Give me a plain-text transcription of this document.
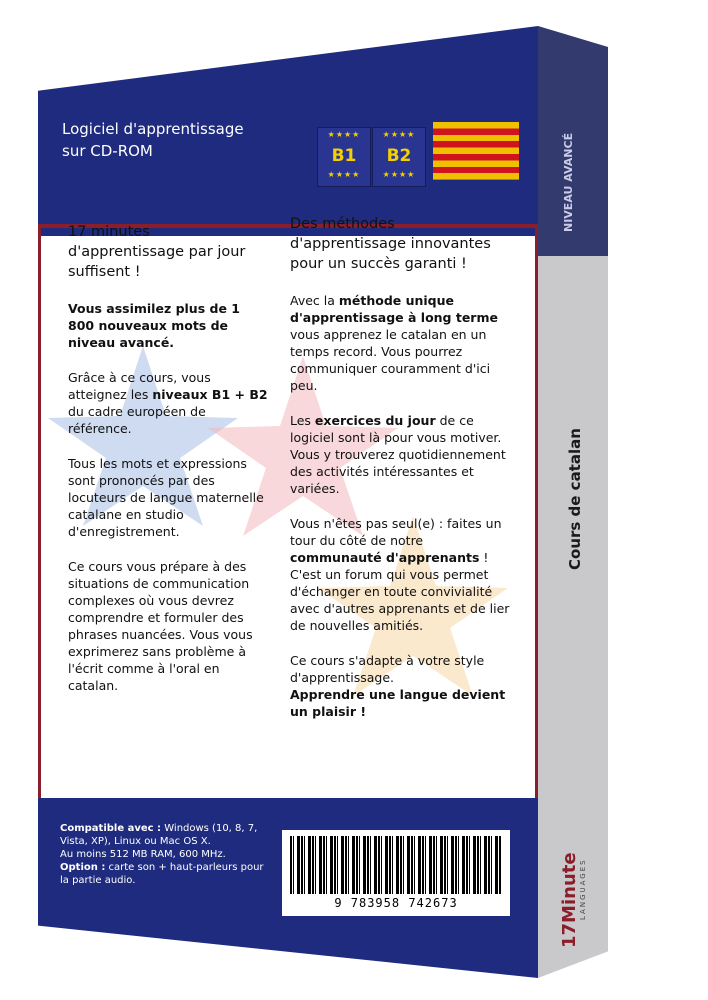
NIVEAU AVANCÉ
Cours de catalan
17Minute LANGUAGES
Logiciel d'apprentissage
sur CD-ROM
★★★★
B1
★★★★
★★★★
B2
★★★★
17 minutes d'apprentissage par jour suffisent !

Vous assimilez plus de 1 800 nouveaux mots de niveau avancé.

Grâce à ce cours, vous atteignez les niveaux B1 + B2 du cadre européen de référence.

Tous les mots et expressions sont prononcés par des locuteurs de langue maternelle catalane en studio d'enregistrement.

Ce cours vous prépare à des situations de communication complexes où vous devrez comprendre et formuler des phrases nuancées. Vous vous exprimerez sans problème à l'écrit comme à l'oral en catalan.

Des méthodes d'apprentissage innovantes pour un succès garanti !

Avec la méthode unique d'apprentissage à long terme vous apprenez le catalan en un temps record. Vous pourrez communiquer couramment d'ici peu.

Les exercices du jour de ce logiciel sont là pour vous motiver. Vous y trouverez quotidiennement des activités intéressantes et variées.

Vous n'êtes pas seul(e) : faites un tour du côté de notre communauté d'apprenants ! C'est un forum qui vous permet d'échanger en toute convivialité avec d'autres apprenants et de lier de nouvelles amitiés.

Ce cours s'adapte à votre style d'apprentissage.
Apprendre une langue devient un plaisir !

Compatible avec : Windows (10, 8, 7, Vista, XP), Linux ou Mac OS X.
Au moins 512 MB RAM, 600 MHz.
Option : carte son + haut-parleurs pour la partie audio.
9 783958 742673
